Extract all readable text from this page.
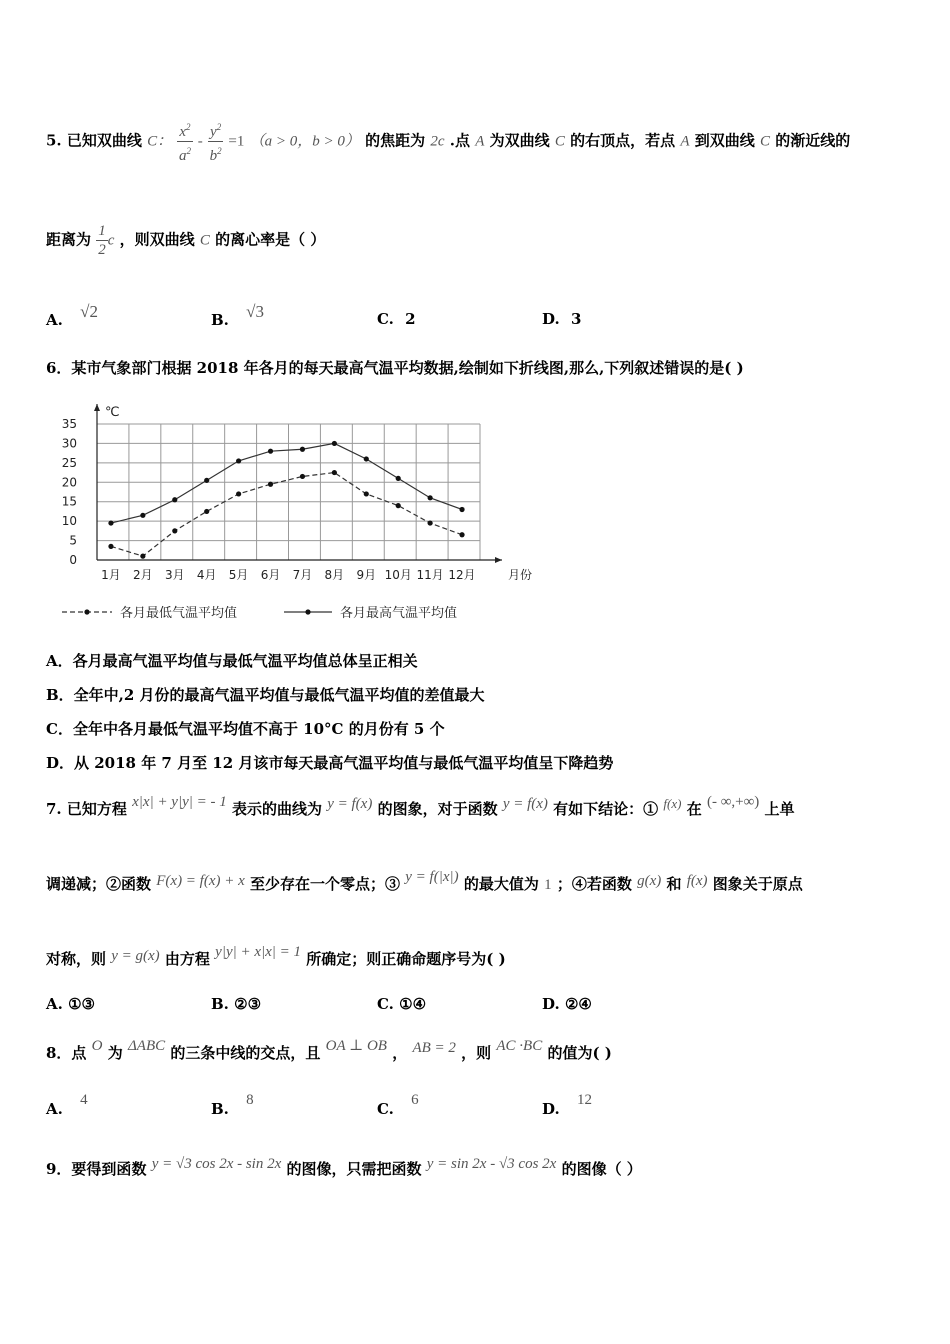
5. 已知双曲线 C： $\frac{x^2}{a^2} - \frac{y^2}{b^2} =1$ （a > 0，b > 0） 的焦距为 2c .点 A 为双曲线 C 的右顶点，若点 A 到双曲线 C 的渐近线的
距离为 $\frac{1}{2}$ c ，则双曲线 C 的离心率是（ ）
A. √2	B. √3	C. 2	D. 3
6．某市气象部门根据 2018 年各月的每天最高气温平均数据,绘制如下折线图,那么,下列叙述错误的是( )
0
5
10
15
20
25
30
35
℃
1月 2月 3月 4月 5月 6月 7月 8月 9月 10月 11月 12月	月份
各月最低气温平均值	各月最高气温平均值
A．各月最高气温平均值与最低气温平均值总体呈正相关
B．全年中,2 月份的最高气温平均值与最低气温平均值的差值最大
C．全年中各月最低气温平均值不高于 10°C 的月份有 5 个
D．从 2018 年 7 月至 12 月该市每天最高气温平均值与最低气温平均值呈下降趋势
7. 已知方程 x|x| + y|y| = - 1 表示的曲线为 y = f(x) 的图象，对于函数 y = f(x) 有如下结论：① f(x) 在 (- ∞,+∞) 上单
调递减；②函数 F(x) = f(x) + x 至少存在一个零点；③ y = f(|x|) 的最大值为 1 ；④若函数 g(x) 和 f(x) 图象关于原点
对称，则 y = g(x) 由方程 y|y| + x|x| = 1 所确定；则正确命题序号为( )
A. ①③	B. ②③	C. ①④	D. ②④
8．点 O 为 ΔABC 的三条中线的交点，且 OA ⊥ OB ， AB = 2 ，则 AC ·BC 的值为( )
A. 4	B. 8	C. 6	D. 12
9．要得到函数 y = √3 cos 2x - sin 2x 的图像，只需把函数 y = sin 2x - √3 cos 2x 的图像（ ）
